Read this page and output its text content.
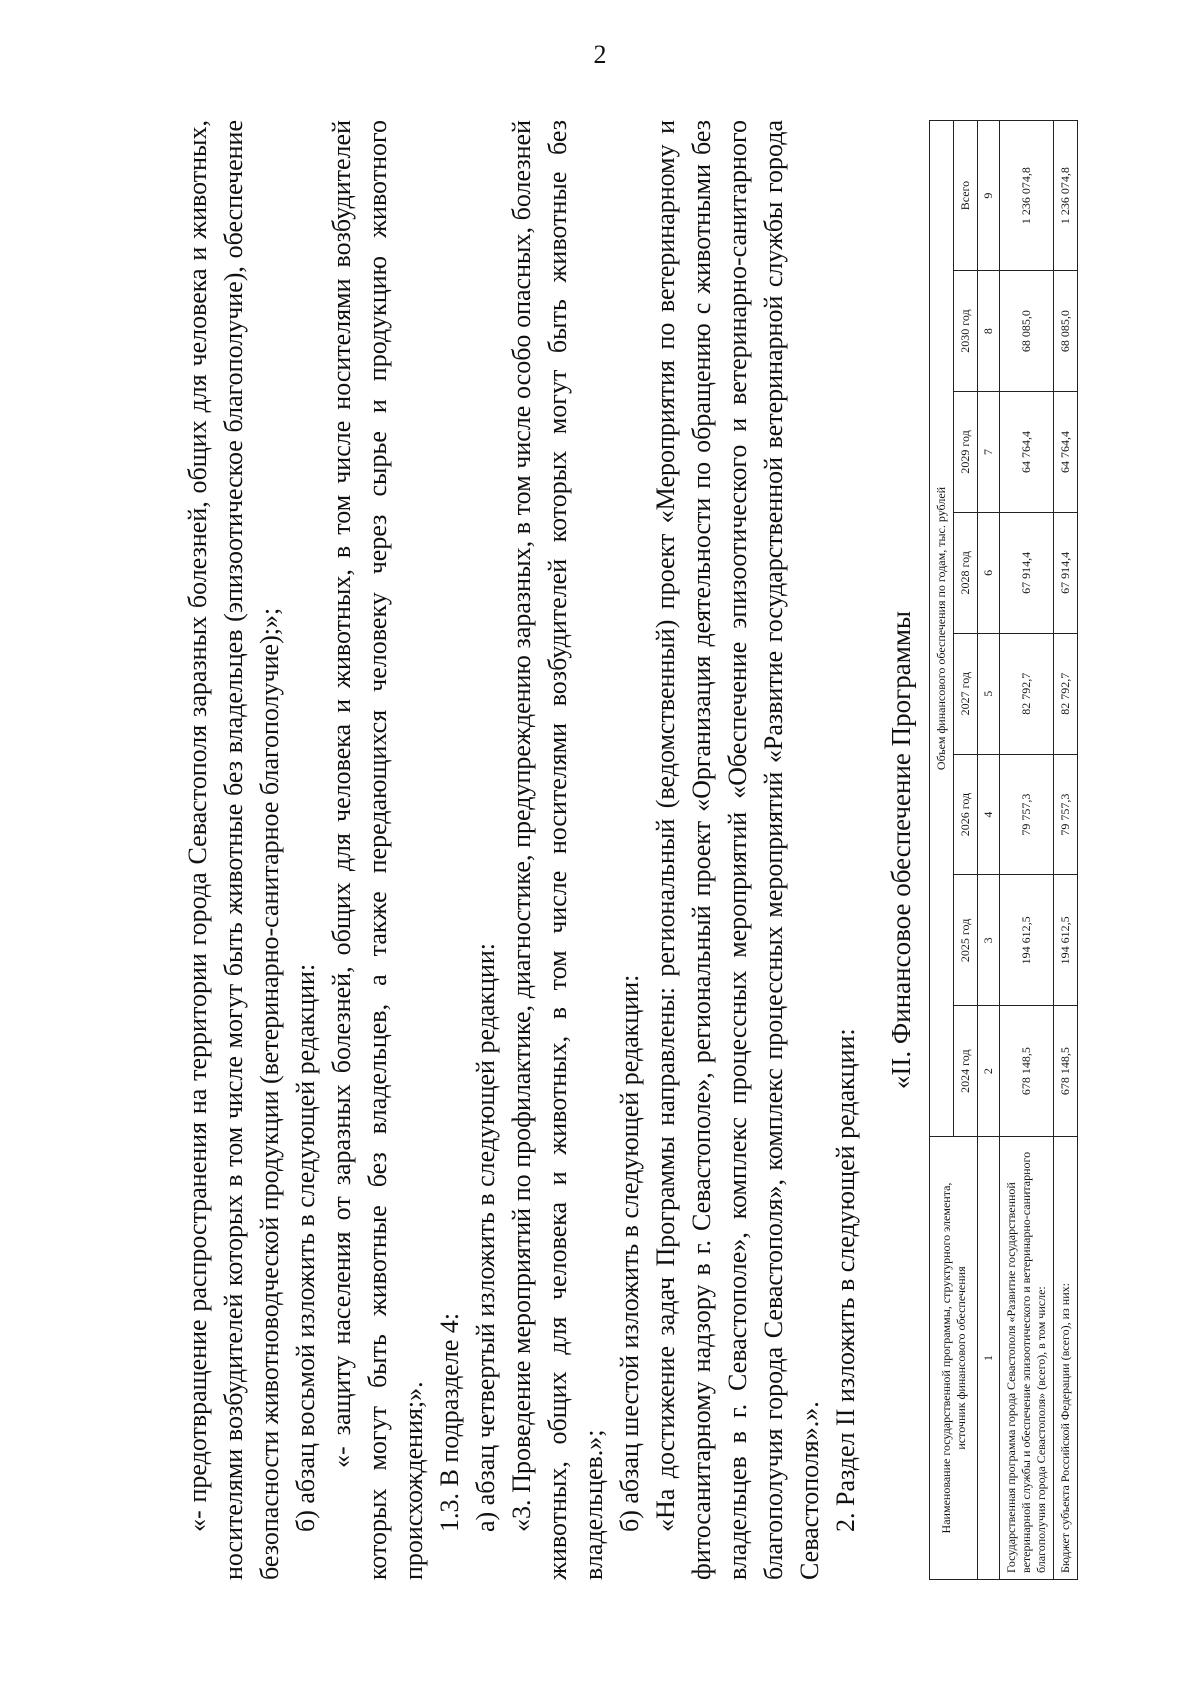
2

«- предотвращение распространения на территории города Севастополя заразных болезней, общих для человека и животных, носителями возбудителей которых в том числе могут быть животные без владельцев (эпизоотическое благополучие), обеспечение безопасности животноводческой продукции (ветеринарно-санитарное благополучие);»; б) абзац восьмой изложить в следующей редакции: «- защиту населения от заразных болезней, общих для человека и животных, в том числе носителями возбудителей которых могут быть животные без владельцев, а также передающихся человеку через сырье и продукцию животного происхождения;». 1.3. В подразделе 4: а) абзац четвертый изложить в следующей редакции: «3. Проведение мероприятий по профилактике, диагностике, предупреждению заразных, в том числе особо опасных, болезней животных, общих для человека и животных, в том числе носителями возбудителей которых могут быть животные без владельцев.»; б) абзац шестой изложить в следующей редакции: «На достижение задач Программы направлены: региональный (ведомственный) проект «Мероприятия по ветеринарному и фитосанитарному надзору в г. Севастополе», региональный проект «Организация деятельности по обращению с животными без владельцев в г. Севастополе», комплекс процессных мероприятий «Обеспечение эпизоотического и ветеринарно-санитарного благополучия города Севастополя», комплекс процессных мероприятий «Развитие государственной ветеринарной службы города Севастополя».». 2. Раздел II изложить в следующей редакции:

«II. Финансовое обеспечение Программы
Наименование государственной программы, структурного элемента, источник финансового обеспечения	Объем финансового обеспечения по годам, тыс. рублей							
	2024 год	2025 год	2026 год	2027 год	2028 год	2029 год	2030 год	Всего
1	2	3	4	5	6	7	8	9
Государственная программа города Севастополя «Развитие государственной ветеринарной службы и обеспечение эпизоотического и ветеринарно-санитарного благополучия города Севастополя» (всего), в том числе:	678 148,5	194 612,5	79 757,3	82 792,7	67 914,4	64 764,4	68 085,0	1 236 074,8
Бюджет субъекта Российской Федерации (всего), из них:	678 148,5	194 612,5	79 757,3	82 792,7	67 914,4	64 764,4	68 085,0	1 236 074,8
